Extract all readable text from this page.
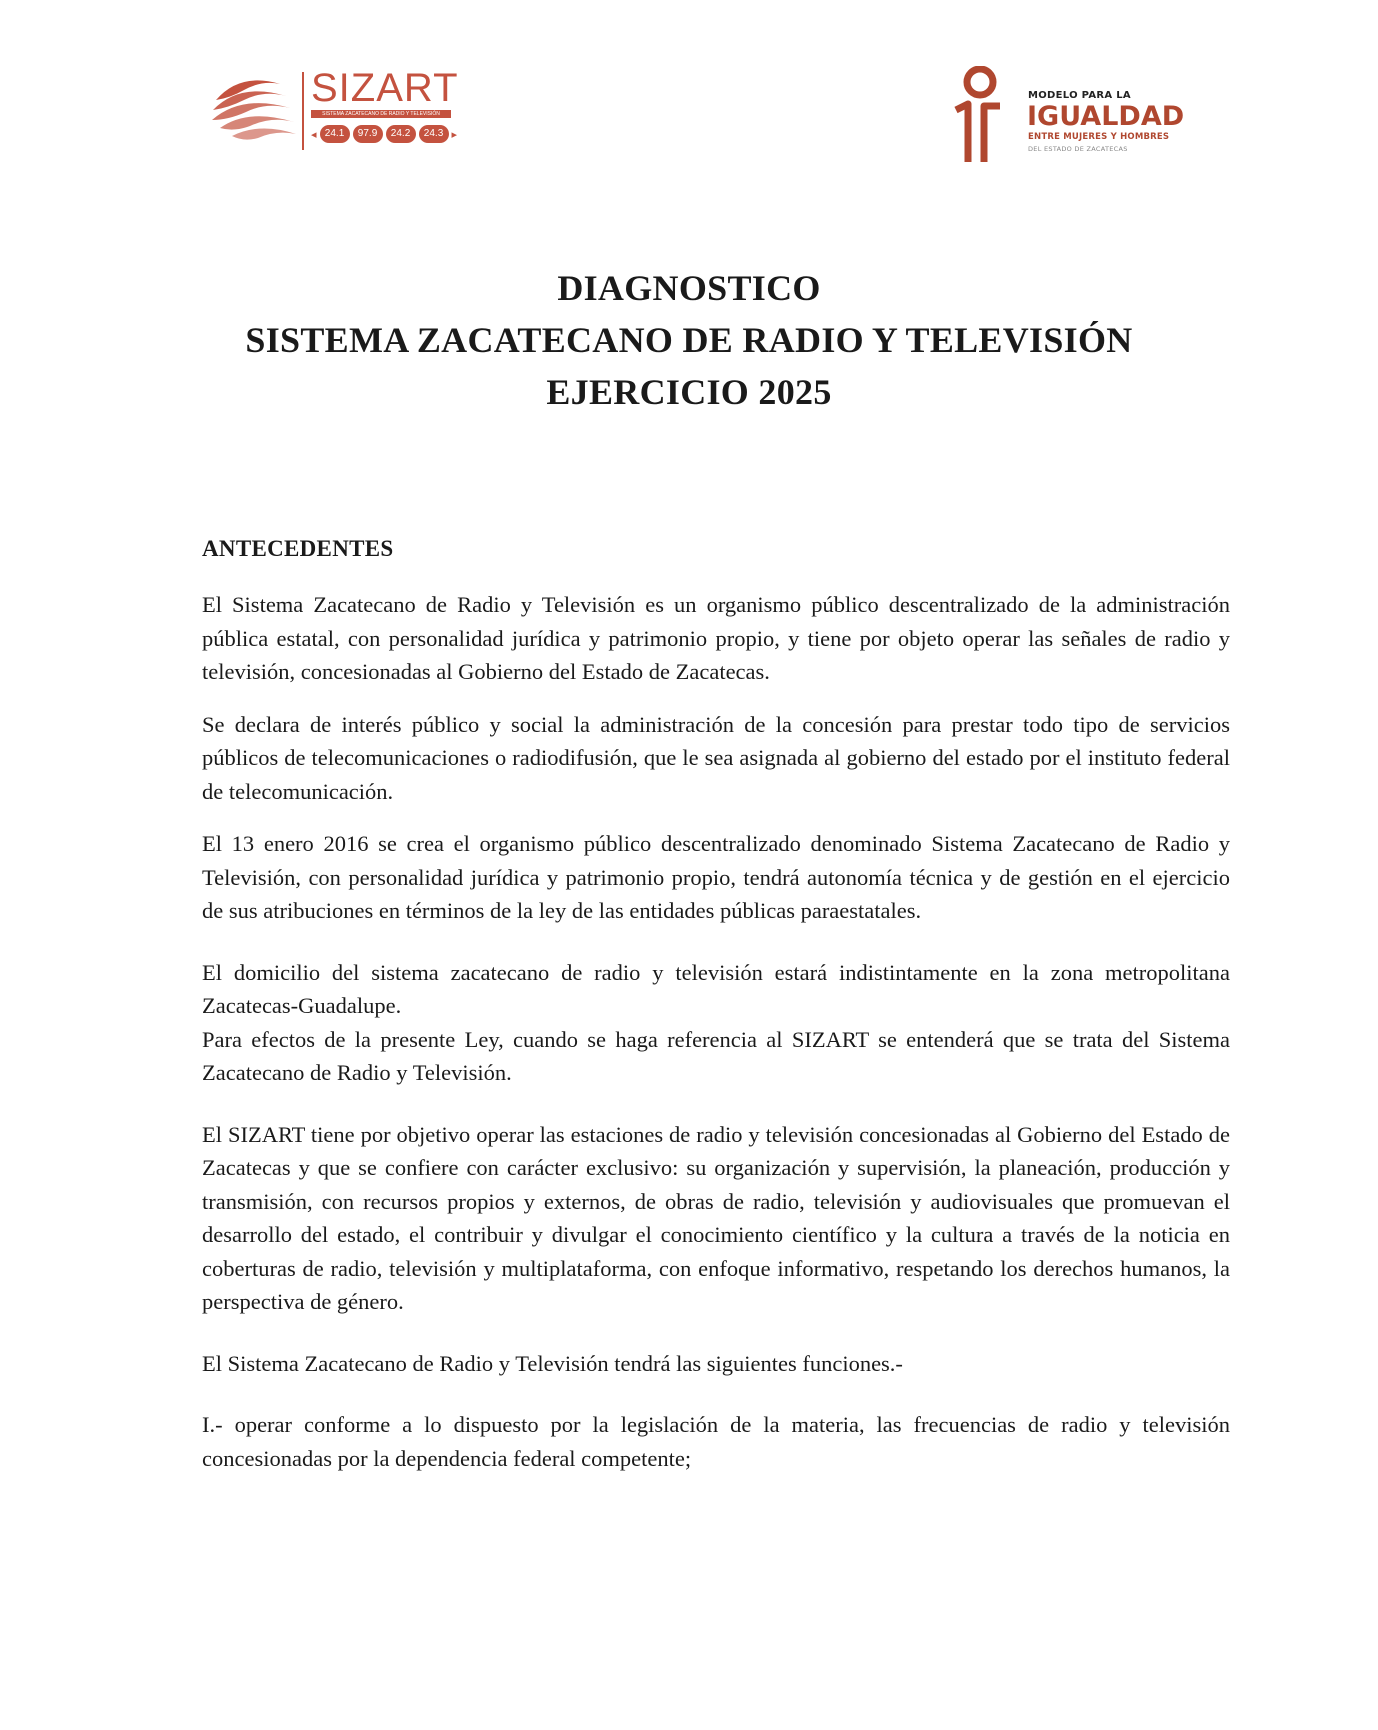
SIZART
SISTEMA ZACATECANO DE RADIO Y TELEVISIÓN
◂ 24.1	97.9	24.2	24.3 ▸
MODELO PARA LA
IGUALDAD
ENTRE MUJERES Y HOMBRES
DEL ESTADO DE ZACATECAS
DIAGNOSTICO
SISTEMA ZACATECANO DE RADIO Y TELEVISIÓN
EJERCICIO 2025
ANTECEDENTES

El Sistema Zacatecano de Radio y Televisión es un organismo público descentralizado de la administración pública estatal, con personalidad jurídica y patrimonio propio, y tiene por objeto operar las señales de radio y televisión, concesionadas al Gobierno del Estado de Zacatecas.

Se declara de interés público y social la administración de la concesión para prestar todo tipo de servicios públicos de telecomunicaciones o radiodifusión, que le sea asignada al gobierno del estado por el instituto federal de telecomunicación.

El 13 enero 2016 se crea el organismo público descentralizado denominado Sistema Zacatecano de Radio y Televisión, con personalidad jurídica y patrimonio propio, tendrá autonomía técnica y de gestión en el ejercicio de sus atribuciones en términos de la ley de las entidades públicas paraestatales.

El domicilio del sistema zacatecano de radio y televisión estará indistintamente en la zona metropolitana Zacatecas-Guadalupe.

Para efectos de la presente Ley, cuando se haga referencia al SIZART se entenderá que se trata del Sistema Zacatecano de Radio y Televisión.

El SIZART tiene por objetivo operar las estaciones de radio y televisión concesionadas al Gobierno del Estado de Zacatecas y que se confiere con carácter exclusivo: su organización y supervisión, la planeación, producción y transmisión, con recursos propios y externos, de obras de radio, televisión y audiovisuales que promuevan el desarrollo del estado, el contribuir y divulgar el conocimiento científico y la cultura a través de la noticia en coberturas de radio, televisión y multiplataforma, con enfoque informativo, respetando los derechos humanos, la perspectiva de género.

El Sistema Zacatecano de Radio y Televisión tendrá las siguientes funciones.-

I.- operar conforme a lo dispuesto por la legislación de la materia, las frecuencias de radio y televisión concesionadas por la dependencia federal competente;
